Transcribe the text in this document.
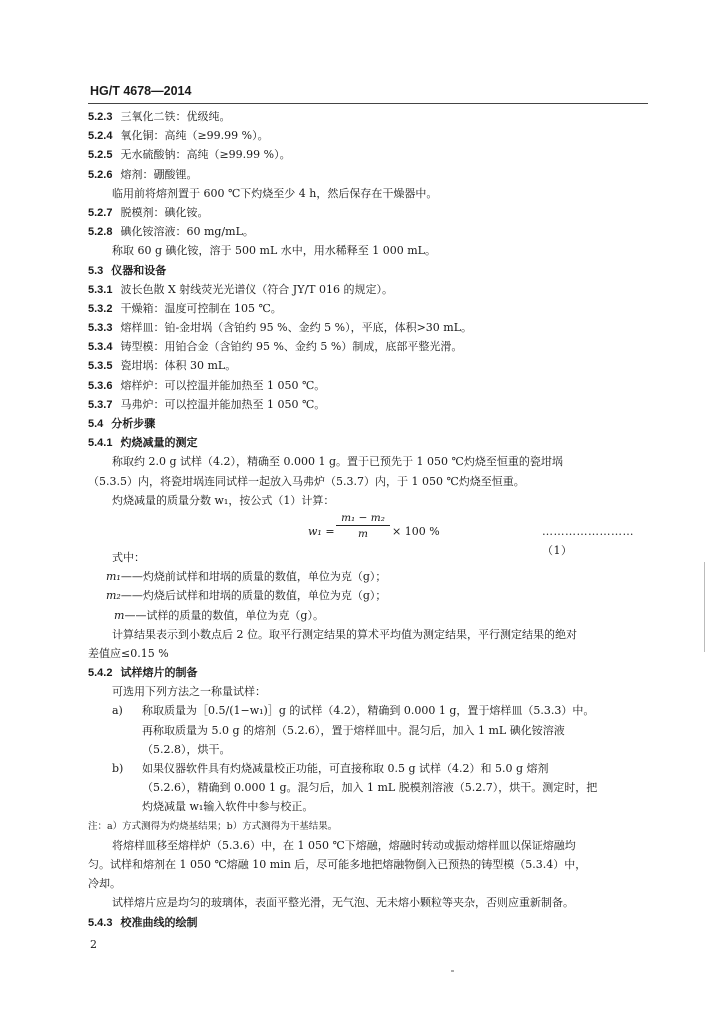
HG/T 4678—2014
5.2.3 三氧化二铁：优级纯。
5.2.4 氧化铜：高纯（≥99.99 %）。
5.2.5 无水硫酸钠：高纯（≥99.99 %）。
5.2.6 熔剂：硼酸锂。
临用前将熔剂置于 600 ℃下灼烧至少 4 h，然后保存在干燥器中。
5.2.7 脱模剂：碘化铵。
5.2.8 碘化铵溶液：60 mg/mL。
称取 60 g 碘化铵，溶于 500 mL 水中，用水稀释至 1 000 mL。
5.3 仪器和设备
5.3.1 波长色散 X 射线荧光光谱仪（符合 JY/T 016 的规定）。
5.3.2 干燥箱：温度可控制在 105 ℃。
5.3.3 熔样皿：铂-金坩埚（含铂约 95 %、金约 5 %），平底，体积>30 mL。
5.3.4 铸型模：用铂合金（含铂约 95 %、金约 5 %）制成，底部平整光滑。
5.3.5 瓷坩埚：体积 30 mL。
5.3.6 熔样炉：可以控温并能加热至 1 050 ℃。
5.3.7 马弗炉：可以控温并能加热至 1 050 ℃。
5.4 分析步骤
5.4.1 灼烧减量的测定
称取约 2.0 g 试样（4.2），精确至 0.000 1 g。置于已预先于 1 050 ℃灼烧至恒重的瓷坩埚
（5.3.5）内，将瓷坩埚连同试样一起放入马弗炉（5.3.7）内，于 1 050 ℃灼烧至恒重。
灼烧减量的质量分数 w₁，按公式（1）计算：
$w_1 = \frac{\text{m₁ − m₂}}{m} \times 100$ %	……………………（1）
式中：
m₁——灼烧前试样和坩埚的质量的数值，单位为克（g）；
m₂——灼烧后试样和坩埚的质量的数值，单位为克（g）；
m——试样的质量的数值，单位为克（g）。
计算结果表示到小数点后 2 位。取平行测定结果的算术平均值为测定结果，平行测定结果的绝对
差值应≤0.15 %
5.4.2 试样熔片的制备
可选用下列方法之一称量试样：
a) 称取质量为［0.5/(1−w₁)］g 的试样（4.2），精确到 0.000 1 g，置于熔样皿（5.3.3）中。
再称取质量为 5.0 g 的熔剂（5.2.6），置于熔样皿中。混匀后，加入 1 mL 碘化铵溶液
（5.2.8），烘干。
b) 如果仪器软件具有灼烧减量校正功能，可直接称取 0.5 g 试样（4.2）和 5.0 g 熔剂
（5.2.6），精确到 0.000 1 g。混匀后，加入 1 mL 脱模剂溶液（5.2.7），烘干。测定时，把
灼烧减量 w₁输入软件中参与校正。
注：a）方式测得为灼烧基结果；b）方式测得为干基结果。
将熔样皿移至熔样炉（5.3.6）中，在 1 050 ℃下熔融，熔融时转动或振动熔样皿以保证熔融均
匀。试样和熔剂在 1 050 ℃熔融 10 min 后，尽可能多地把熔融物倒入已预热的铸型模（5.3.4）中，
冷却。
试样熔片应是均匀的玻璃体，表面平整光滑，无气泡、无未熔小颗粒等夹杂，否则应重新制备。
5.4.3 校准曲线的绘制
2
